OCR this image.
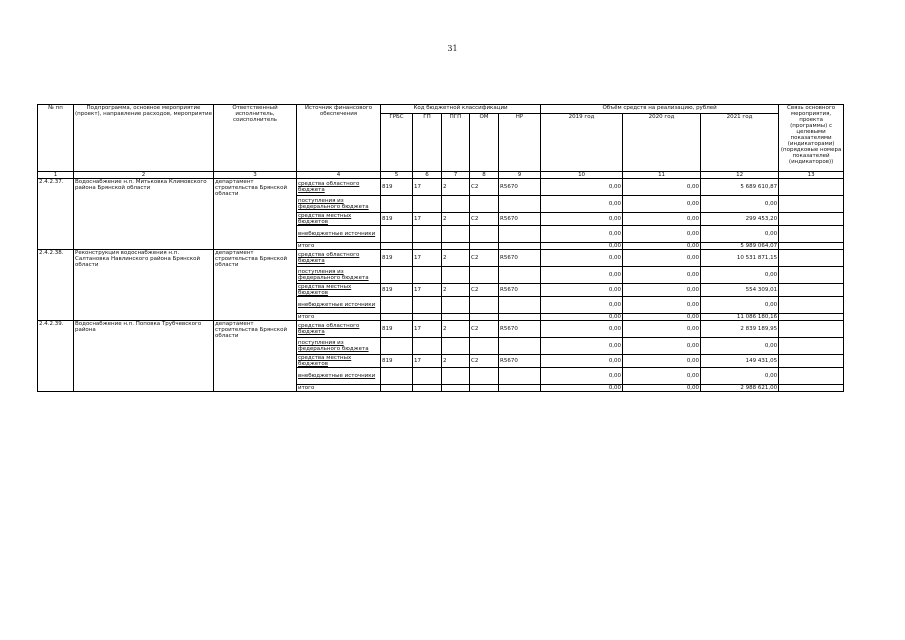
31
№ пп	Подпрограмма, основное мероприятие (проект), направление расходов, мероприятие	Ответственный исполнитель, соисполнитель	Источник финансового обеспечения	Код бюджетной классификации					Объём средств на реализацию, рублей			Связь основного мероприятия, проекта (программы) с целевыми показателями (индикаторами) (порядковые номера показателей (индикаторов))
				ГРБС	ГП	ПГП	ОМ	НР	2019 год	2020 год	2021 год	
1	2	3	4	5	6	7	8	9	10	11	12	13
2.4.2.37.	Водоснабжение н.п. Митьковка Климовского района Брянской области	департамент строительства Брянской области	средства областного бюджета	819	17	2	С2	R5670	0,00	0,00	5 689 610,87	
			поступления из федерального бюджета						0,00	0,00	0,00	
			средства местных бюджетов	819	17	2	С2	R5670	0,00	0,00	299 453,20	
			внебюджетные источники						0,00	0,00	0,00	
			итого						0,00	0,00	5 989 064,07	
2.4.2.38.	Реконструкция водоснабжения н.п. Салтановка Навлинского района Брянской области	департамент строительства Брянской области	средства областного бюджета	819	17	2	С2	R5670	0,00	0,00	10 531 871,15	
			поступления из федерального бюджета						0,00	0,00	0,00	
			средства местных бюджетов	819	17	2	С2	R5670	0,00	0,00	554 309,01	
			внебюджетные источники						0,00	0,00	0,00	
			итого						0,00	0,00	11 086 180,16	
2.4.2.39.	Водоснабжение н.п. Поповка Трубчевского района	департамент строительства Брянской области	средства областного бюджета	819	17	2	С2	R5670	0,00	0,00	2 839 189,95	
			поступления из федерального бюджета						0,00	0,00	0,00	
			средства местных бюджетов	819	17	2	С2	R5670	0,00	0,00	149 431,05	
			внебюджетные источники						0,00	0,00	0,00	
			итого						0,00	0,00	2 988 621,00	
